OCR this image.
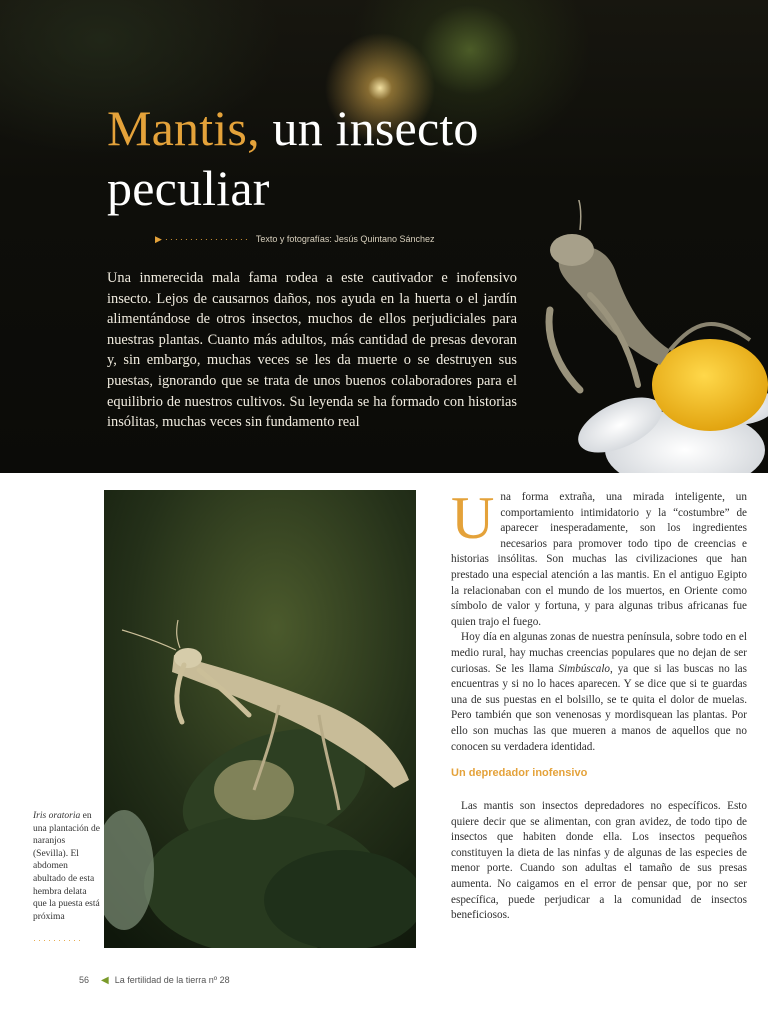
Mantis, un insecto peculiar
▶ ················· Texto y fotografías: Jesús Quintano Sánchez

Una inmerecida mala fama rodea a este cautivador e inofensivo insecto. Lejos de causarnos daños, nos ayuda en la huerta o el jardín alimentándose de otros insectos, muchos de ellos perjudiciales para nuestras plantas. Cuanto más adultos, más cantidad de presas devoran y, sin embargo, muchas veces se les da muerte o se destruyen sus puestas, ignorando que se trata de unos buenos colaboradores para el equilibrio de nuestros cultivos. Su leyenda se ha formado con historias insólitas, muchas veces sin fundamento real

Iris oratoria en una plantación de naranjos (Sevilla). El abdomen abultado de esta hembra delata que la puesta está próxima

··········

Una forma extraña, una mirada inteligente, un comportamiento intimidatorio y la “costumbre” de aparecer inesperadamente, son los ingredientes necesarios para promover todo tipo de creencias e historias insólitas. Son muchas las civilizaciones que han prestado una especial atención a las mantis. En el antiguo Egipto la relacionaban con el mundo de los muertos, en Oriente como símbolo de valor y fortuna, y para algunas tribus africanas fue quien trajo el fuego.

Hoy día en algunas zonas de nuestra península, sobre todo en el medio rural, hay muchas creencias populares que no dejan de ser curiosas. Se les llama Simbúscalo, ya que si las buscas no las encuentras y si no lo haces aparecen. Y se dice que si te guardas una de sus puestas en el bolsillo, se te quita el dolor de muelas. Pero también que son venenosas y mordisquean las plantas. Por ello son muchas las que mueren a manos de aquellos que no conocen su verdadera identidad.

Un depredador inofensivo

Las mantis son insectos depredadores no específicos. Esto quiere decir que se alimentan, con gran avidez, de todo tipo de insectos que habiten donde ella. Los insectos pequeños constituyen la dieta de las ninfas y de algunas de las especies de menor porte. Cuando son adultas el tamaño de sus presas aumenta. No caigamos en el error de pensar que, por no ser específica, puede perjudicar a la comunidad de insectos beneficiosos.

56 ◀ La fertilidad de la tierra nº 28
